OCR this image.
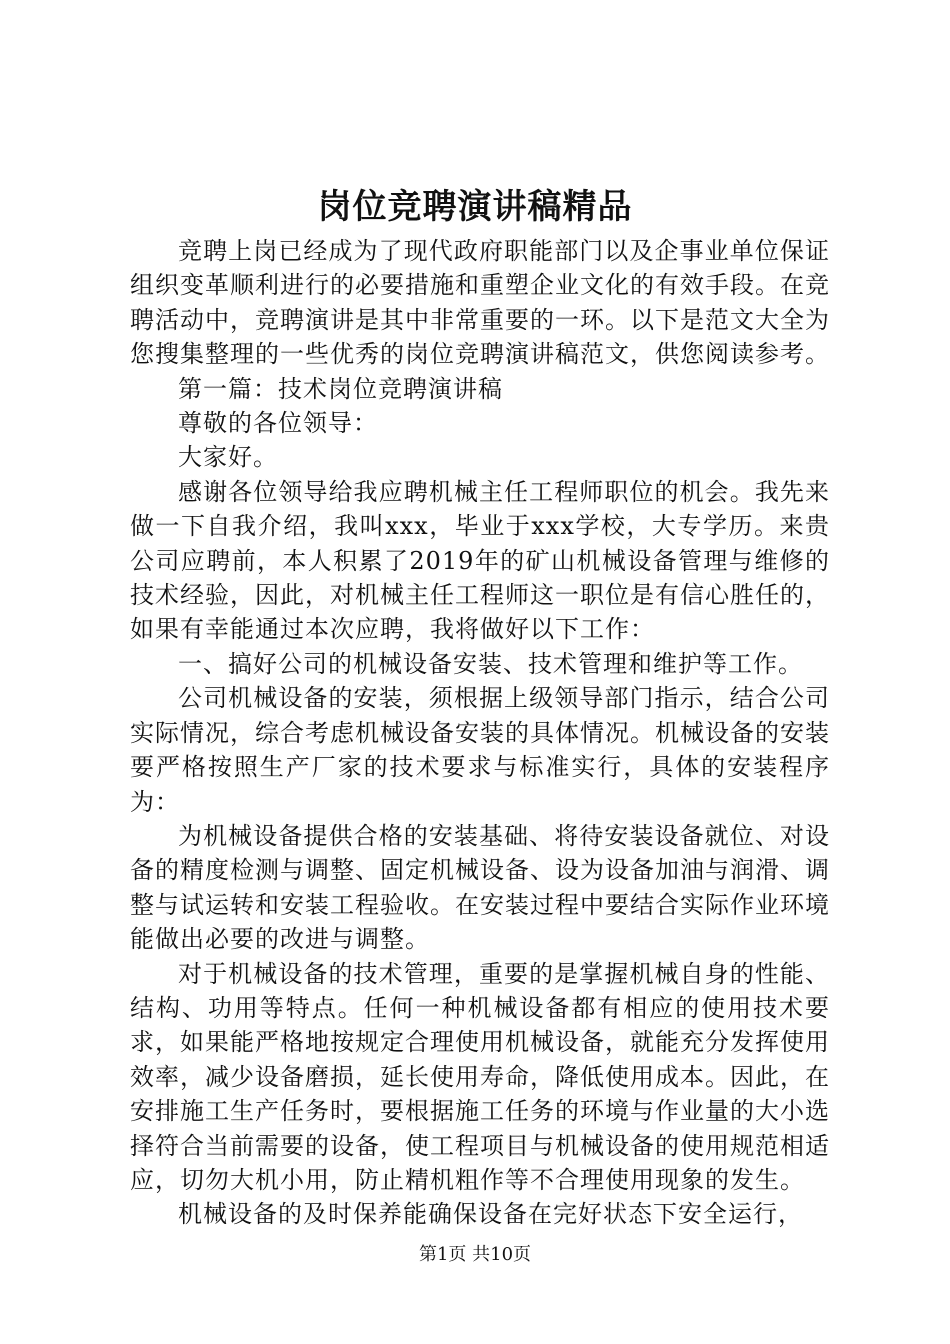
岗位竞聘演讲稿精品

竞聘上岗已经成为了现代政府职能部门以及企事业单位保证组织变革顺利进行的必要措施和重塑企业文化的有效手段。在竞聘活动中，竞聘演讲是其中非常重要的一环。以下是范文大全为您搜集整理的一些优秀的岗位竞聘演讲稿范文，供您阅读参考。

第一篇：技术岗位竞聘演讲稿

尊敬的各位领导：

大家好。

感谢各位领导给我应聘机械主任工程师职位的机会。我先来做一下自我介绍，我叫xxx，毕业于xxx学校，大专学历。来贵公司应聘前，本人积累了2019年的矿山机械设备管理与维修的技术经验，因此，对机械主任工程师这一职位是有信心胜任的，如果有幸能通过本次应聘，我将做好以下工作：

一、搞好公司的机械设备安装、技术管理和维护等工作。

公司机械设备的安装，须根据上级领导部门指示，结合公司实际情况，综合考虑机械设备安装的具体情况。机械设备的安装要严格按照生产厂家的技术要求与标准实行，具体的安装程序为：

为机械设备提供合格的安装基础、将待安装设备就位、对设备的精度检测与调整、固定机械设备、设为设备加油与润滑、调整与试运转和安装工程验收。在安装过程中要结合实际作业环境能做出必要的改进与调整。

对于机械设备的技术管理，重要的是掌握机械自身的性能、结构、功用等特点。任何一种机械设备都有相应的使用技术要求，如果能严格地按规定合理使用机械设备，就能充分发挥使用效率，减少设备磨损，延长使用寿命，降低使用成本。因此，在安排施工生产任务时，要根据施工任务的环境与作业量的大小选择符合当前需要的设备，使工程项目与机械设备的使用规范相适应，切勿大机小用，防止精机粗作等不合理使用现象的发生。

机械设备的及时保养能确保设备在完好状态下安全运行，

第1页 共10页
